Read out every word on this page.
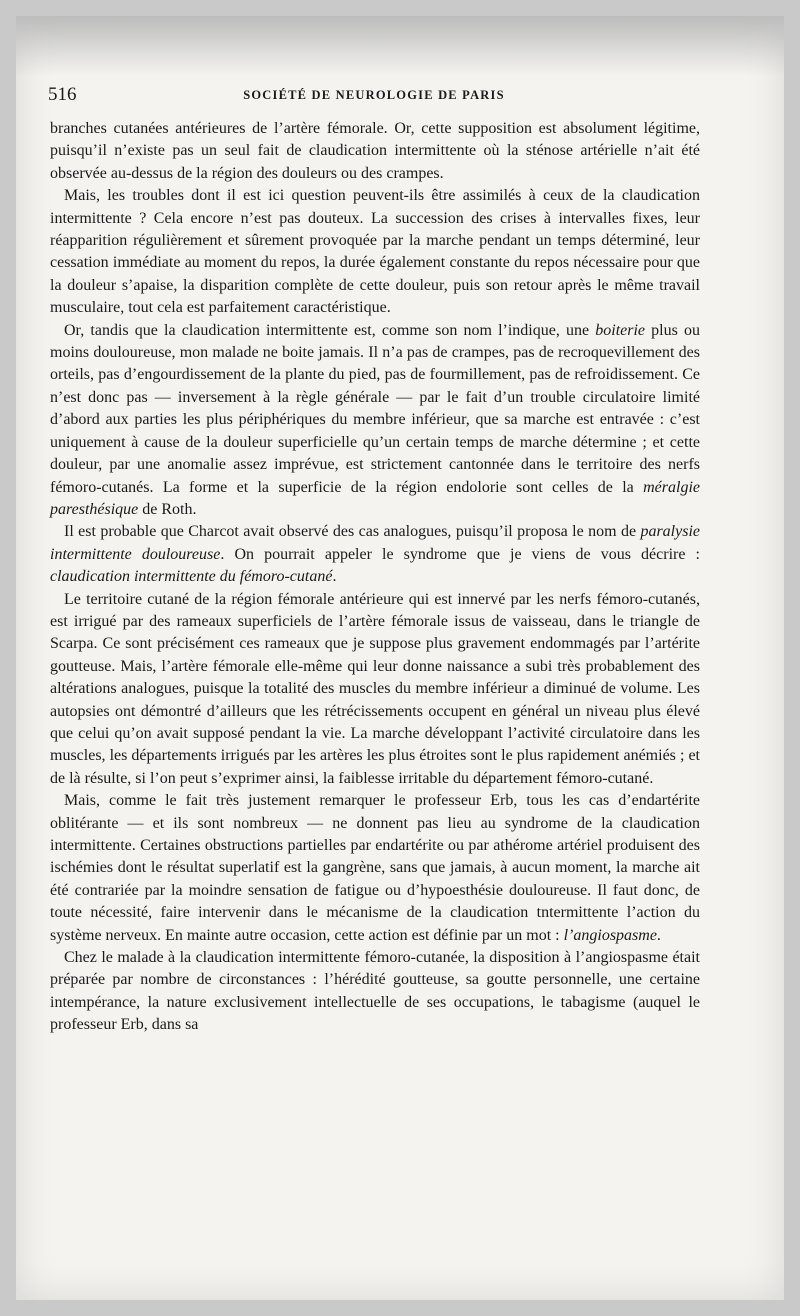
516	SOCIÉTÉ DE NEUROLOGIE DE PARIS

branches cutanées antérieures de l’artère fémorale. Or, cette supposition est absolument légitime, puisqu’il n’existe pas un seul fait de claudication intermittente où la sténose artérielle n’ait été observée au-dessus de la région des douleurs ou des crampes.

Mais, les troubles dont il est ici question peuvent-ils être assimilés à ceux de la claudication intermittente ? Cela encore n’est pas douteux. La succession des crises à intervalles fixes, leur réapparition régulièrement et sûrement provoquée par la marche pendant un temps déterminé, leur cessation immédiate au moment du repos, la durée également constante du repos nécessaire pour que la douleur s’apaise, la disparition complète de cette douleur, puis son retour après le même travail musculaire, tout cela est parfaitement caractéristique.

Or, tandis que la claudication intermittente est, comme son nom l’indique, une boiterie plus ou moins douloureuse, mon malade ne boite jamais. Il n’a pas de crampes, pas de recroquevillement des orteils, pas d’engourdissement de la plante du pied, pas de fourmillement, pas de refroidissement. Ce n’est donc pas — inversement à la règle générale — par le fait d’un trouble circulatoire limité d’abord aux parties les plus périphériques du membre inférieur, que sa marche est entravée : c’est uniquement à cause de la douleur superficielle qu’un certain temps de marche détermine ; et cette douleur, par une anomalie assez imprévue, est strictement cantonnée dans le territoire des nerfs fémoro-cutanés. La forme et la superficie de la région endolorie sont celles de la méralgie paresthésique de Roth.

Il est probable que Charcot avait observé des cas analogues, puisqu’il proposa le nom de paralysie intermittente douloureuse. On pourrait appeler le syndrome que je viens de vous décrire : claudication intermittente du fémoro-cutané.

Le territoire cutané de la région fémorale antérieure qui est innervé par les nerfs fémoro-cutanés, est irrigué par des rameaux superficiels de l’artère fémorale issus de vaisseau, dans le triangle de Scarpa. Ce sont précisément ces rameaux que je suppose plus gravement endommagés par l’artérite goutteuse. Mais, l’artère fémorale elle-même qui leur donne naissance a subi très probablement des altérations analogues, puisque la totalité des muscles du membre inférieur a diminué de volume. Les autopsies ont démontré d’ailleurs que les rétrécissements occupent en général un niveau plus élevé que celui qu’on avait supposé pendant la vie. La marche développant l’activité circulatoire dans les muscles, les départements irrigués par les artères les plus étroites sont le plus rapidement anémiés ; et de là résulte, si l’on peut s’exprimer ainsi, la faiblesse irritable du département fémoro-cutané.

Mais, comme le fait très justement remarquer le professeur Erb, tous les cas d’endartérite oblitérante — et ils sont nombreux — ne donnent pas lieu au syndrome de la claudication intermittente. Certaines obstructions partielles par endartérite ou par athérome artériel produisent des ischémies dont le résultat superlatif est la gangrène, sans que jamais, à aucun moment, la marche ait été contrariée par la moindre sensation de fatigue ou d’hypoesthésie douloureuse. Il faut donc, de toute nécessité, faire intervenir dans le mécanisme de la claudication tntermittente l’action du système nerveux. En mainte autre occasion, cette action est définie par un mot : l’angiospasme.

Chez le malade à la claudication intermittente fémoro-cutanée, la disposition à l’angiospasme était préparée par nombre de circonstances : l’hérédité goutteuse, sa goutte personnelle, une certaine intempérance, la nature exclusivement intellectuelle de ses occupations, le tabagisme (auquel le professeur Erb, dans sa
